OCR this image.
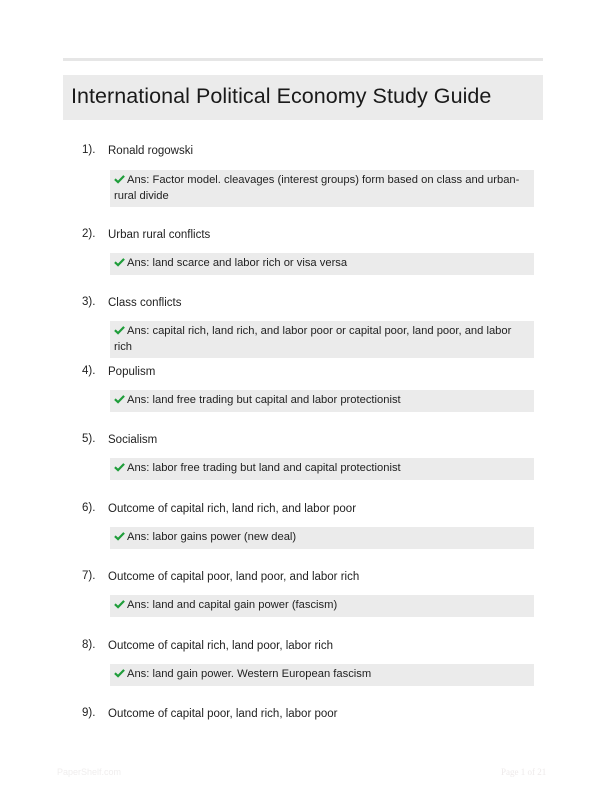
International Political Economy Study Guide
1). Ronald rogowski
Ans: Factor model. cleavages (interest groups) form based on class and urban-rural divide
2). Urban rural conflicts
Ans: land scarce and labor rich or visa versa
3). Class conflicts
Ans: capital rich, land rich, and labor poor or capital poor, land poor, and labor rich
4). Populism
Ans: land free trading but capital and labor protectionist
5). Socialism
Ans: labor free trading but land and capital protectionist
6). Outcome of capital rich, land rich, and labor poor
Ans: labor gains power (new deal)
7). Outcome of capital poor, land poor, and labor rich
Ans: land and capital gain power (fascism)
8). Outcome of capital rich, land poor, labor rich
Ans: land gain power. Western European fascism
9). Outcome of capital poor, land rich, labor poor
PaperShelf.com	Page 1 of 21
